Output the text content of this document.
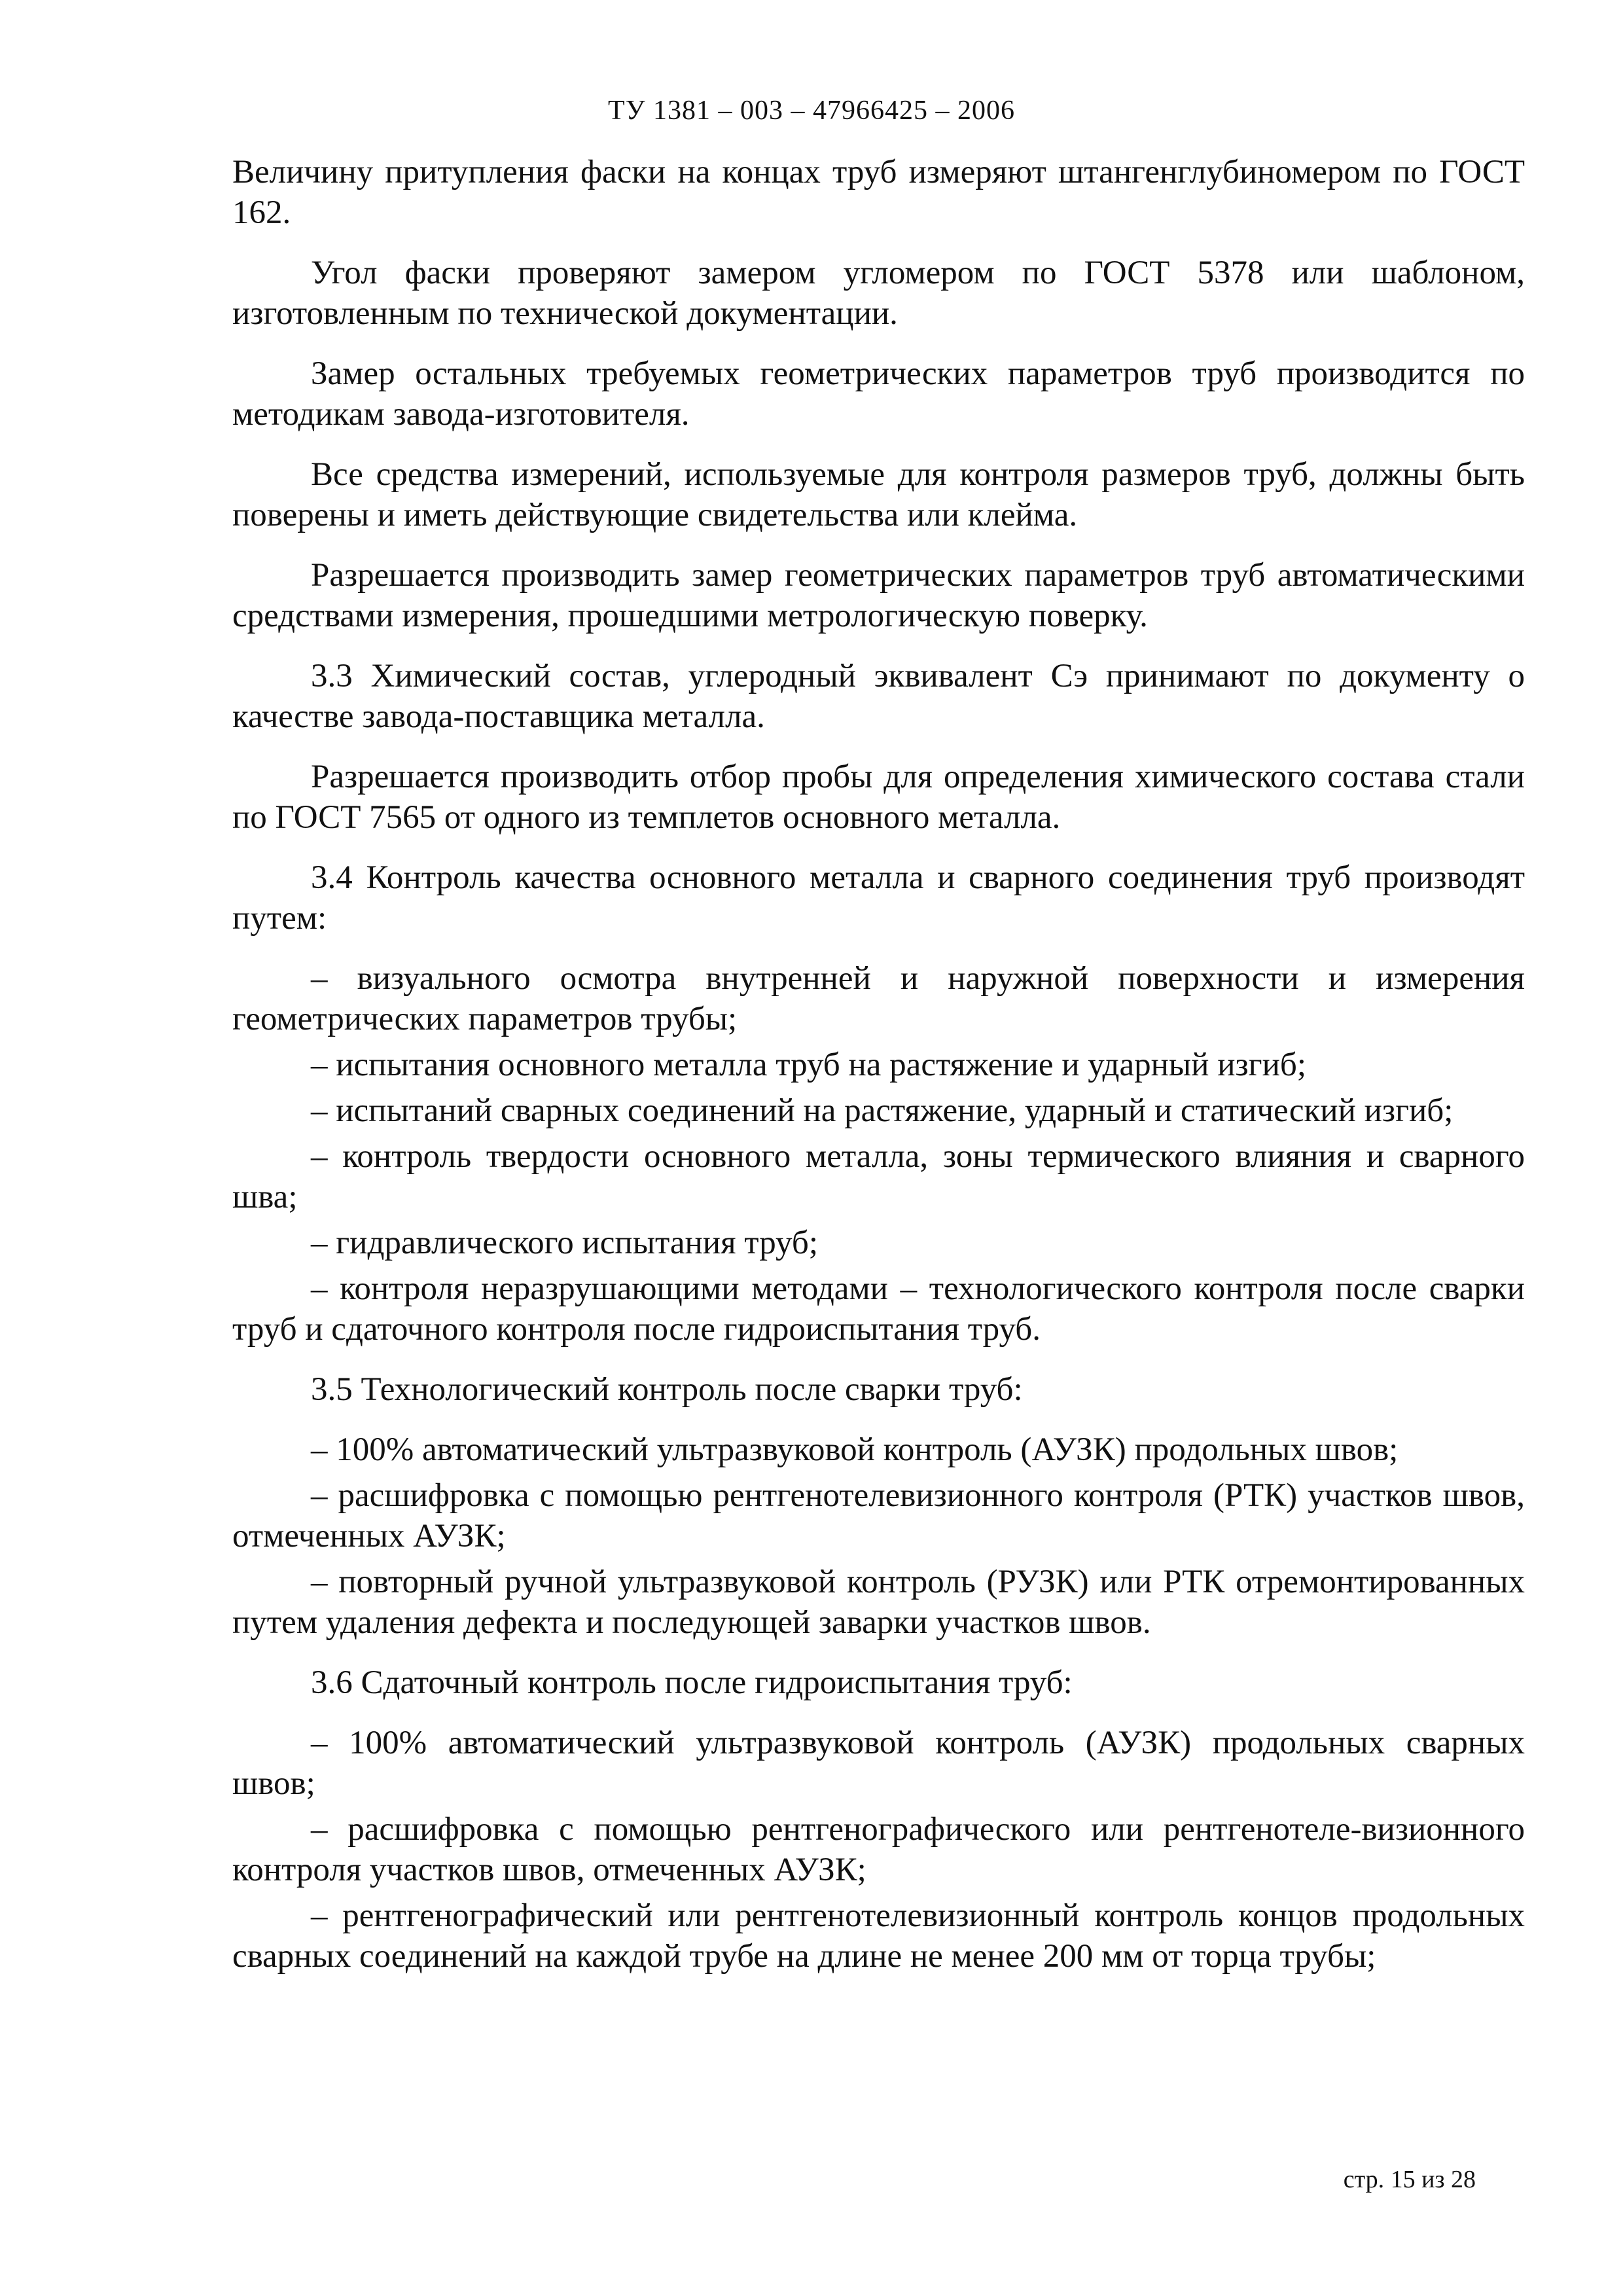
ТУ 1381 – 003 – 47966425 – 2006

Величину притупления фаски на концах труб измеряют штангенглубиномером по ГОСТ 162.

Угол фаски проверяют замером угломером по ГОСТ 5378 или шаблоном, изготовленным по технической документации.

Замер остальных требуемых геометрических параметров труб производится по методикам завода-изготовителя.

Все средства измерений, используемые для контроля размеров труб, должны быть поверены и иметь действующие свидетельства или клейма.

Разрешается производить замер геометрических параметров труб автоматическими средствами измерения, прошедшими метрологическую поверку.

3.3 Химический состав, углеродный эквивалент Сэ принимают по документу о качестве завода-поставщика металла.

Разрешается производить отбор пробы для определения химического состава стали по ГОСТ 7565 от одного из темплетов основного металла.

3.4 Контроль качества основного металла и сварного соединения труб производят путем:

– визуального осмотра внутренней и наружной поверхности и измерения геометрических параметров трубы;

– испытания основного металла труб на растяжение и ударный изгиб;

– испытаний сварных соединений на растяжение, ударный и статический изгиб;

– контроль твердости основного металла, зоны термического влияния и сварного шва;

– гидравлического испытания труб;

– контроля неразрушающими методами – технологического контроля после сварки труб и сдаточного контроля после гидроиспытания труб.

3.5 Технологический контроль после сварки труб:

– 100% автоматический ультразвуковой контроль (АУЗК) продольных швов;

– расшифровка с помощью рентгенотелевизионного контроля (РТК) участков швов, отмеченных АУЗК;

– повторный ручной ультразвуковой контроль (РУЗК) или РТК отремонтированных путем удаления дефекта и последующей заварки участков швов.

3.6 Сдаточный контроль после гидроиспытания труб:

– 100% автоматический ультразвуковой контроль (АУЗК) продольных сварных швов;

– расшифровка с помощью рентгенографического или рентгенотеле-визионного контроля участков швов, отмеченных АУЗК;

– рентгенографический или рентгенотелевизионный контроль концов продольных сварных соединений на каждой трубе на длине не менее 200 мм от торца трубы;

стр. 15 из 28
